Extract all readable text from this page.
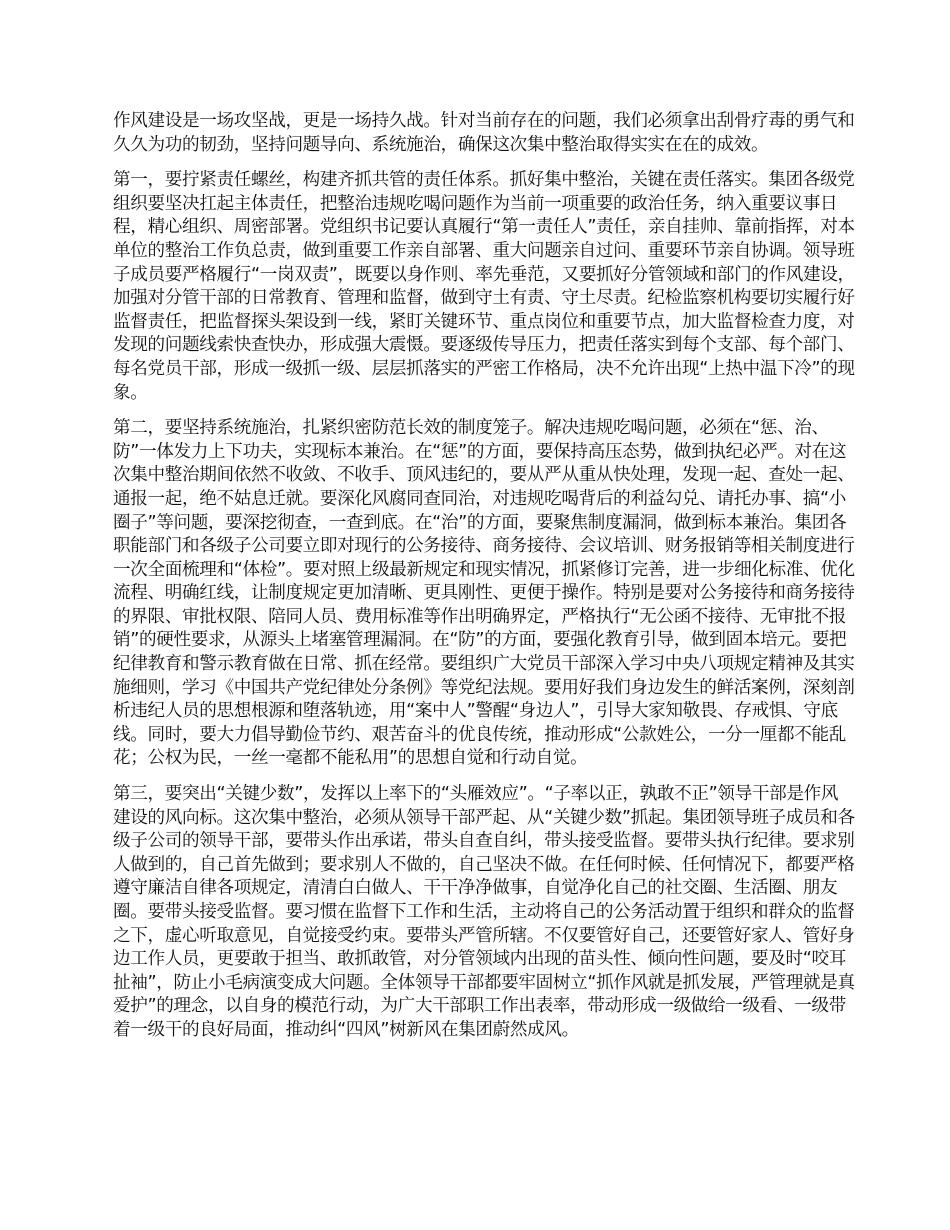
作风建设是一场攻坚战，更是一场持久战。针对当前存在的问题，我们必须拿出刮骨疗毒的勇气和久久为功的韧劲，坚持问题导向、系统施治，确保这次集中整治取得实实在在的成效。

第一，要拧紧责任螺丝，构建齐抓共管的责任体系。抓好集中整治，关键在责任落实。集团各级党组织要坚决扛起主体责任，把整治违规吃喝问题作为当前一项重要的政治任务，纳入重要议事日程，精心组织、周密部署。党组织书记要认真履行“第一责任人”责任，亲自挂帅、靠前指挥，对本单位的整治工作负总责，做到重要工作亲自部署、重大问题亲自过问、重要环节亲自协调。领导班子成员要严格履行“一岗双责”，既要以身作则、率先垂范，又要抓好分管领域和部门的作风建设，加强对分管干部的日常教育、管理和监督，做到守土有责、守土尽责。纪检监察机构要切实履行好监督责任，把监督探头架设到一线，紧盯关键环节、重点岗位和重要节点，加大监督检查力度，对发现的问题线索快查快办，形成强大震慑。要逐级传导压力，把责任落实到每个支部、每个部门、每名党员干部，形成一级抓一级、层层抓落实的严密工作格局，决不允许出现“上热中温下冷”的现象。

第二，要坚持系统施治，扎紧织密防范长效的制度笼子。解决违规吃喝问题，必须在“惩、治、防”一体发力上下功夫，实现标本兼治。在“惩”的方面，要保持高压态势，做到执纪必严。对在这次集中整治期间依然不收敛、不收手、顶风违纪的，要从严从重从快处理，发现一起、查处一起、通报一起，绝不姑息迁就。要深化风腐同查同治，对违规吃喝背后的利益勾兑、请托办事、搞“小圈子”等问题，要深挖彻查，一查到底。在“治”的方面，要聚焦制度漏洞，做到标本兼治。集团各职能部门和各级子公司要立即对现行的公务接待、商务接待、会议培训、财务报销等相关制度进行一次全面梳理和“体检”。要对照上级最新规定和现实情况，抓紧修订完善，进一步细化标准、优化流程、明确红线，让制度规定更加清晰、更具刚性、更便于操作。特别是要对公务接待和商务接待的界限、审批权限、陪同人员、费用标准等作出明确界定，严格执行“无公函不接待、无审批不报销”的硬性要求，从源头上堵塞管理漏洞。在“防”的方面，要强化教育引导，做到固本培元。要把纪律教育和警示教育做在日常、抓在经常。要组织广大党员干部深入学习中央八项规定精神及其实施细则，学习《中国共产党纪律处分条例》等党纪法规。要用好我们身边发生的鲜活案例，深刻剖析违纪人员的思想根源和堕落轨迹，用“案中人”警醒“身边人”，引导大家知敬畏、存戒惧、守底线。同时，要大力倡导勤俭节约、艰苦奋斗的优良传统，推动形成“公款姓公，一分一厘都不能乱花；公权为民，一丝一毫都不能私用”的思想自觉和行动自觉。

第三，要突出“关键少数”，发挥以上率下的“头雁效应”。“子率以正，孰敢不正”领导干部是作风建设的风向标。这次集中整治，必须从领导干部严起、从“关键少数”抓起。集团领导班子成员和各级子公司的领导干部，要带头作出承诺，带头自查自纠，带头接受监督。要带头执行纪律。要求别人做到的，自己首先做到；要求别人不做的，自己坚决不做。在任何时候、任何情况下，都要严格遵守廉洁自律各项规定，清清白白做人、干干净净做事，自觉净化自己的社交圈、生活圈、朋友圈。要带头接受监督。要习惯在监督下工作和生活，主动将自己的公务活动置于组织和群众的监督之下，虚心听取意见，自觉接受约束。要带头严管所辖。不仅要管好自己，还要管好家人、管好身边工作人员，更要敢于担当、敢抓敢管，对分管领域内出现的苗头性、倾向性问题，要及时“咬耳扯袖”，防止小毛病演变成大问题。全体领导干部都要牢固树立“抓作风就是抓发展，严管理就是真爱护”的理念，以自身的模范行动，为广大干部职工作出表率，带动形成一级做给一级看、一级带着一级干的良好局面，推动纠“四风”树新风在集团蔚然成风。
